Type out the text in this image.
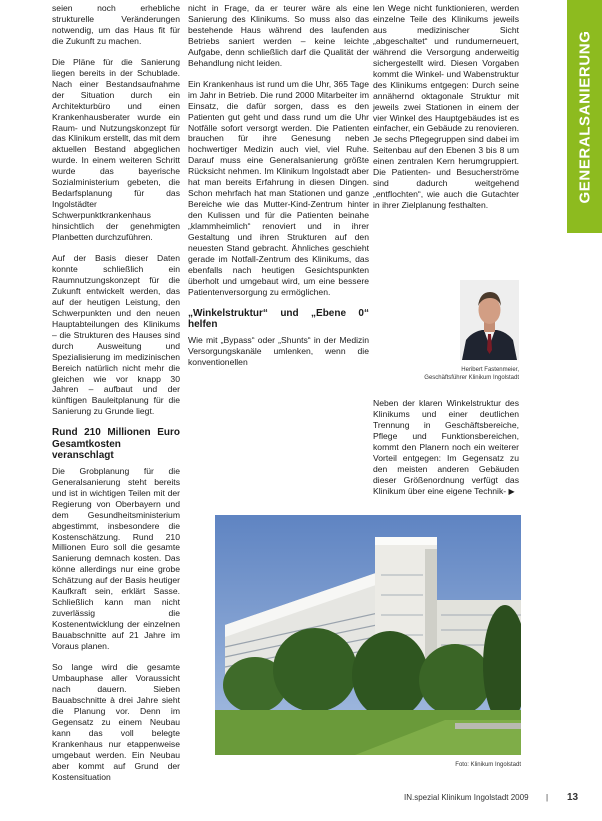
GENERALSANIERUNG

seien noch erhebliche strukturelle Veränderungen notwendig, um das Haus fit für die Zukunft zu machen.

Die Pläne für die Sanierung liegen bereits in der Schublade. Nach einer Bestandsaufnahme der Situation durch ein Architekturbüro und einen Krankenhausberater wurde ein Raum- und Nutzungskonzept für das Klinikum erstellt, das mit dem aktuellen Bestand abgeglichen wurde. In einem weiteren Schritt wurde das bayerische Sozialministerium gebeten, die Bedarfsplanung für das Ingolstädter Schwerpunktkrankenhaus hinsichtlich der genehmigten Planbetten durchzuführen.

Auf der Basis dieser Daten konnte schließlich ein Raumnutzungskonzept für die Zukunft entwickelt werden, das auf der heutigen Leistung, den Schwerpunkten und den neuen Hauptabteilungen des Klinikums – die Strukturen des Hauses sind durch Ausweitung und Spezialisierung im medizinischen Bereich natürlich nicht mehr die gleichen wie vor knapp 30 Jahren – aufbaut und der künftigen Bauleitplanung für die Sanierung zu Grunde liegt.

Rund 210 Millionen Euro Gesamtkosten veranschlagt

Die Grobplanung für die Generalsanierung steht bereits und ist in wichtigen Teilen mit der Regierung von Oberbayern und dem Gesundheitsministerium abgestimmt, insbesondere die Kostenschätzung. Rund 210 Millionen Euro soll die gesamte Sanierung demnach kosten. Das könne allerdings nur eine grobe Schätzung auf der Basis heutiger Kaufkraft sein, erklärt Sasse. Schließlich kann man nicht zuverlässig die Kostenentwicklung der einzelnen Bauabschnitte auf 21 Jahre im Voraus planen.

So lange wird die gesamte Umbauphase aller Voraussicht nach dauern. Sieben Bauabschnitte à drei Jahre sieht die Planung vor. Denn im Gegensatz zu einem Neubau kann das voll belegte Krankenhaus nur etappenweise umgebaut werden. Ein Neubau aber kommt auf Grund der Kostensituation

nicht in Frage, da er teurer wäre als eine Sanierung des Klinikums. So muss also das bestehende Haus während des laufenden Betriebs saniert werden – keine leichte Aufgabe, denn schließlich darf die Qualität der Behandlung nicht leiden.

Ein Krankenhaus ist rund um die Uhr, 365 Tage im Jahr in Betrieb. Die rund 2000 Mitarbeiter im Einsatz, die dafür sorgen, dass es den Patienten gut geht und dass rund um die Uhr Notfälle sofort versorgt werden. Die Patienten brauchen für ihre Genesung neben hochwertiger Medizin auch viel, viel Ruhe. Darauf muss eine Generalsanierung größte Rücksicht nehmen. Im Klinikum Ingolstadt aber hat man bereits Erfahrung in diesen Dingen. Schon mehrfach hat man Stationen und ganze Bereiche wie das Mutter-Kind-Zentrum hinter den Kulissen und für die Patienten beinahe „klammheimlich“ renoviert und in ihrer Gestaltung und ihren Strukturen auf den neuesten Stand gebracht. Ähnliches geschieht gerade im Notfall-Zentrum des Klinikums, das ebenfalls nach heutigen Gesichtspunkten überholt und umgebaut wird, um eine bessere Patientenversorgung zu ermöglichen.

„Winkelstruktur“ und „Ebene 0“ helfen

Wie mit „Bypass“ oder „Shunts“ in der Medizin Versorgungskanäle umlenken, wenn die konventionellen

len Wege nicht funktionieren, werden einzelne Teile des Klinikums jeweils aus medizinischer Sicht „abgeschaltet“ und rundumerneuert, während die Versorgung anderweitig sichergestellt wird. Diesen Vorgaben kommt die Winkel- und Wabenstruktur des Klinikums entgegen: Durch seine annähernd oktagonale Struktur mit jeweils zwei Stationen in einem der vier Winkel des Hauptgebäudes ist es einfacher, ein Gebäude zu renovieren. Je sechs Pflegegruppen sind dabei im Seitenbau auf den Ebenen 3 bis 8 um einen zentralen Kern herumgruppiert. Die Patienten- und Besucherströme sind dadurch weitgehend „entflochten“, wie auch die Gutachter in ihrer Zielplanung festhalten.

Heribert Fastenmeier,
Geschäftsführer Klinikum Ingolstadt

Neben der klaren Winkelstruktur des Klinikums und einer deutlichen Trennung in Geschäftsbereiche, Pflege und Funktionsbereichen, kommt den Planern noch ein weiterer Vorteil entgegen: Im Gegensatz zu den meisten anderen Gebäuden dieser Größenordnung verfügt das Klinikum über eine eigene Technik- ▶

Foto: Klinikum Ingolstadt
IN.spezial Klinikum Ingolstadt 2009 | 13
